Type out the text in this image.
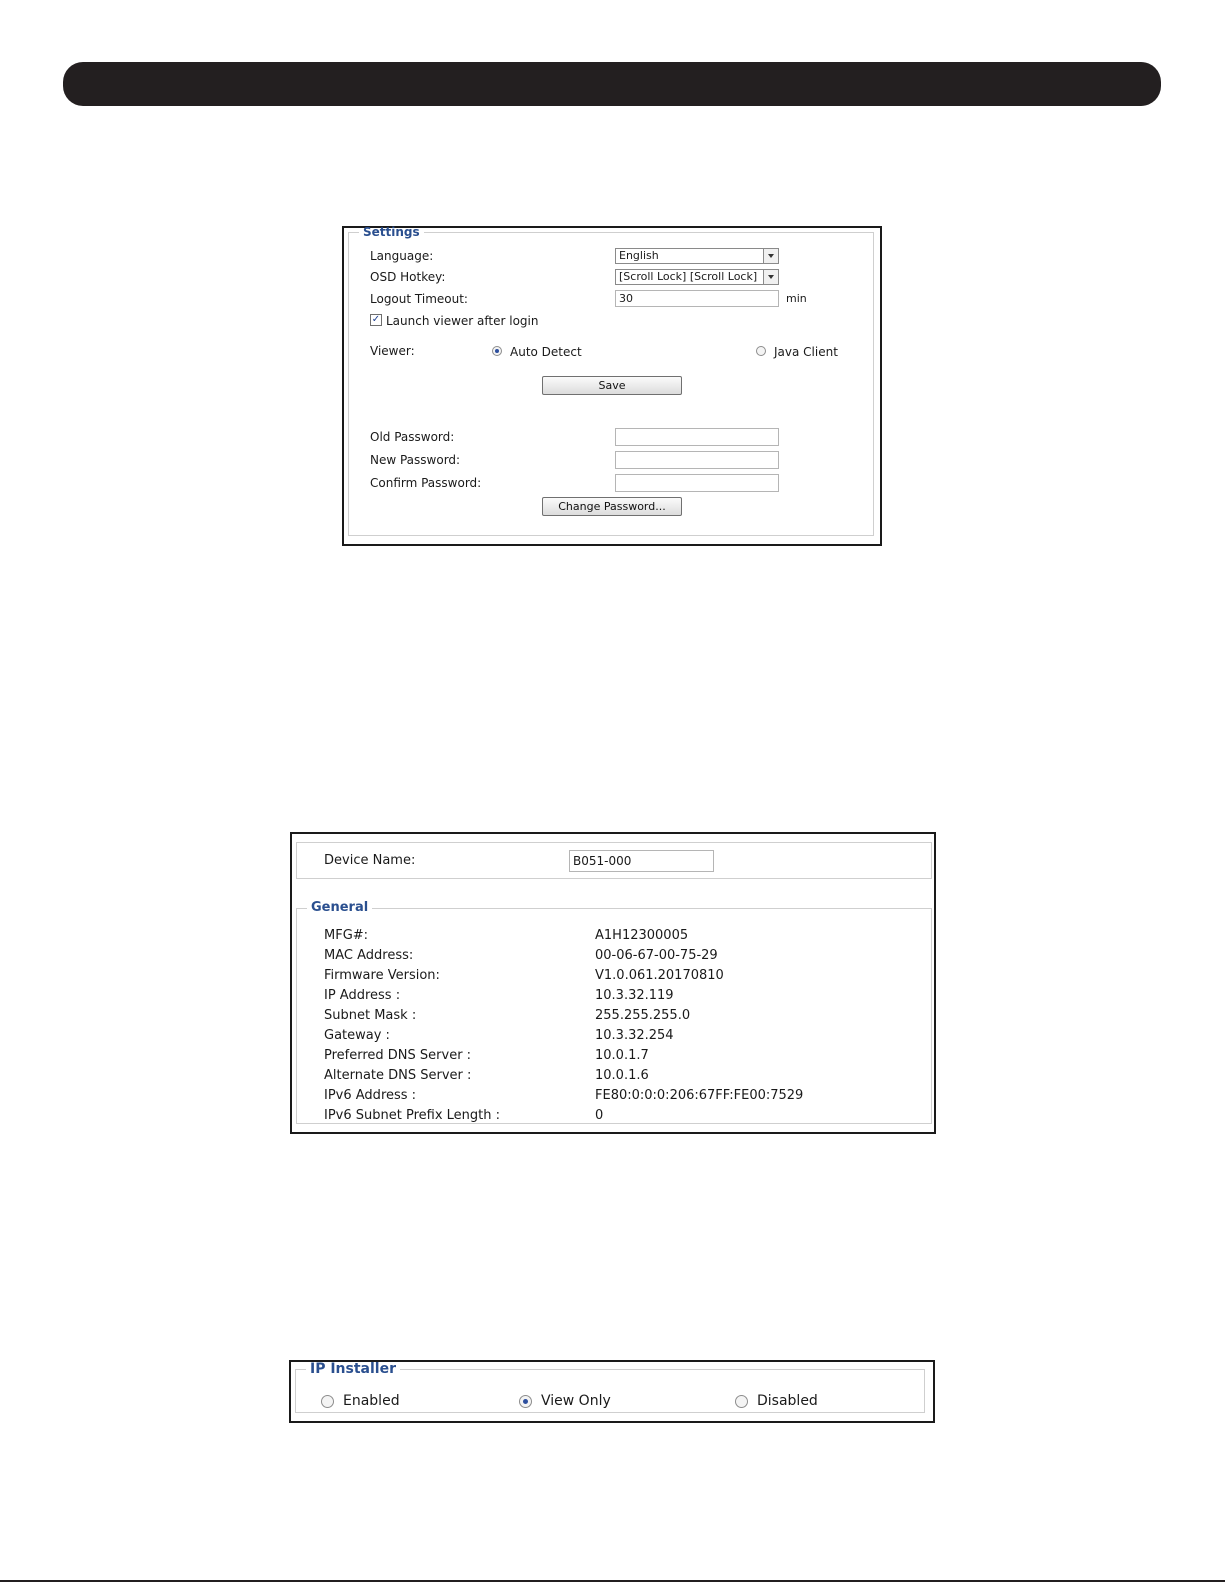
Settings
Language:	English
OSD Hotkey:	[Scroll Lock] [Scroll Lock]
Logout Timeout:	30	min
✓ Launch viewer after login
Viewer:	Auto Detect	Java Client
Save
Old Password:
New Password:
Confirm Password:
Change Password...
Device Name:	B051-000
General
MFG#:	A1H12300005
MAC Address:	00-06-67-00-75-29
Firmware Version:	V1.0.061.20170810
IP Address :	10.3.32.119
Subnet Mask :	255.255.255.0
Gateway :	10.3.32.254
Preferred DNS Server :	10.0.1.7
Alternate DNS Server :	10.0.1.6
IPv6 Address :	FE80:0:0:0:206:67FF:FE00:7529
IPv6 Subnet Prefix Length :	0
IP Installer
Enabled	View Only	Disabled
